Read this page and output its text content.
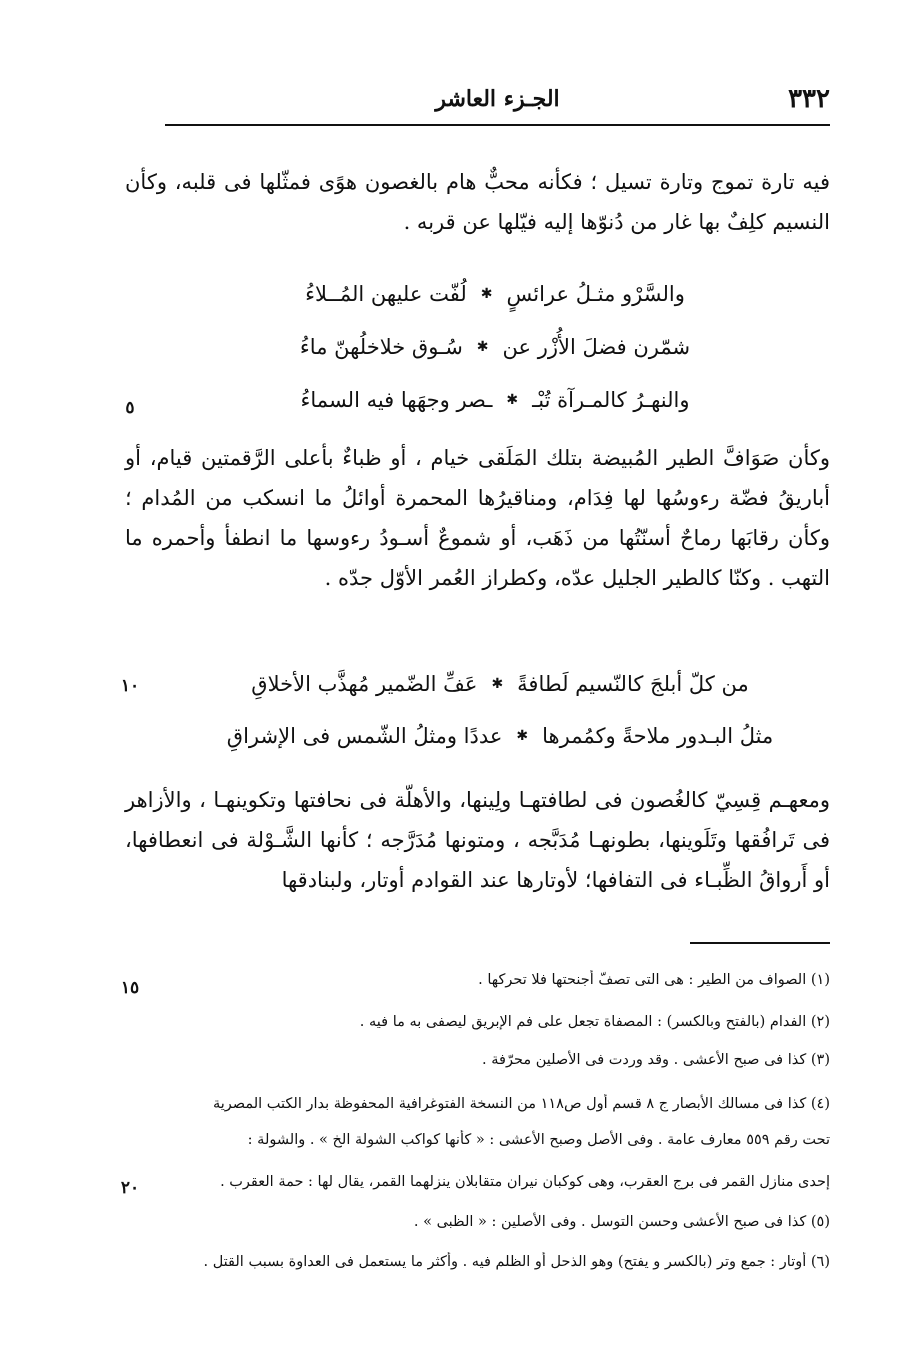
٣٣٢
الجـزء العاشر
فيه تارة تموج وتارة تسيل ؛ فكأنه محبٌّ هام بالغصون هوًى فمثّلها فى قلبه، وكأن النسيم كلِفٌ بها غار من دُنوّها إليه فيّلها عن قربه .
والسَّرْو مثـلُ عرائسٍ
✱
لُفّت عليهن المُــلاءُ
شمّرن فضلَ الأُزْر عن
✱
سُـوق خلاخلُهنّ ماءُ
والنهـرُ كالمـرآة تُبْـ
✱
ـصر وجهَها فيه السماءُ
وكأن صَوَافَّ الطير المُبيضة بتلك المَلَقى خيام ، أو ظباءٌ بأعلى الرَّقمتين قيام، أو أباريقُ فضّة رءوسُها لها فِدَام، ومناقيرُها المحمرة أوائلُ ما انسكب من المُدام ؛ وكأن رقابَها رماحٌ أسنّتُها من ذَهَب، أو شموعٌ أسـودُ رءوسها ما انطفأ وأحمره ما التهب . وكنّا كالطير الجليل عدّه، وكطراز العُمر الأوّل جدّه .
من كلّ أبلجَ كالنّسيم لَطافةً
✱
عَفِّ الضّمير مُهذَّب الأخلاقِ
مثلُ البـدور ملاحةً وكمُمرها
✱
عددًا ومثلُ الشّمس فى الإشراقِ
ومعهـم قِسِيّ كالغُصون فى لطافتهـا ولِينها، والأهلّة فى نحافتها وتكوينهـا ، والأزاهر فى تَرافُقها وتَلَوينها، بطونهـا مُدَبَّجه ، ومتونها مُدَرَّجه ؛ كأنها الشَّـوْلة فى انعطافها، أو أَرواقُ الظِّبـاء فى التفافها؛ لأوتارها عند القوادم أوتار، ولبنادقها
٥
١٠
١٥
٢٠
(١) الصواف من الطير : هى التى تصفّ أجنحتها فلا تحركها .
(٢) الفدام (بالفتح وبالكسر) : المصفاة تجعل على فم الإبريق ليصفى به ما فيه .
(٣) كذا فى صبح الأعشى . وقد وردت فى الأصلين محرّفة .
(٤) كذا فى مسالك الأبصار ج ٨ قسم أول ص١١٨ من النسخة الفتوغرافية المحفوظة بدار الكتب المصرية
تحت رقم ٥٥٩ معارف عامة . وفى الأصل وصبح الأعشى : « كأنها كواكب الشولة الخ » . والشولة :
إحدى منازل القمر فى برج العقرب، وهى كوكبان نيران متقابلان ينزلهما القمر، يقال لها : حمة العقرب .
(٥) كذا فى صبح الأعشى وحسن التوسل . وفى الأصلين : « الظبى » .
(٦) أوتار : جمع وتر (بالكسر و يفتح) وهو الذحل أو الظلم فيه . وأكثر ما يستعمل فى العداوة بسبب القتل .
